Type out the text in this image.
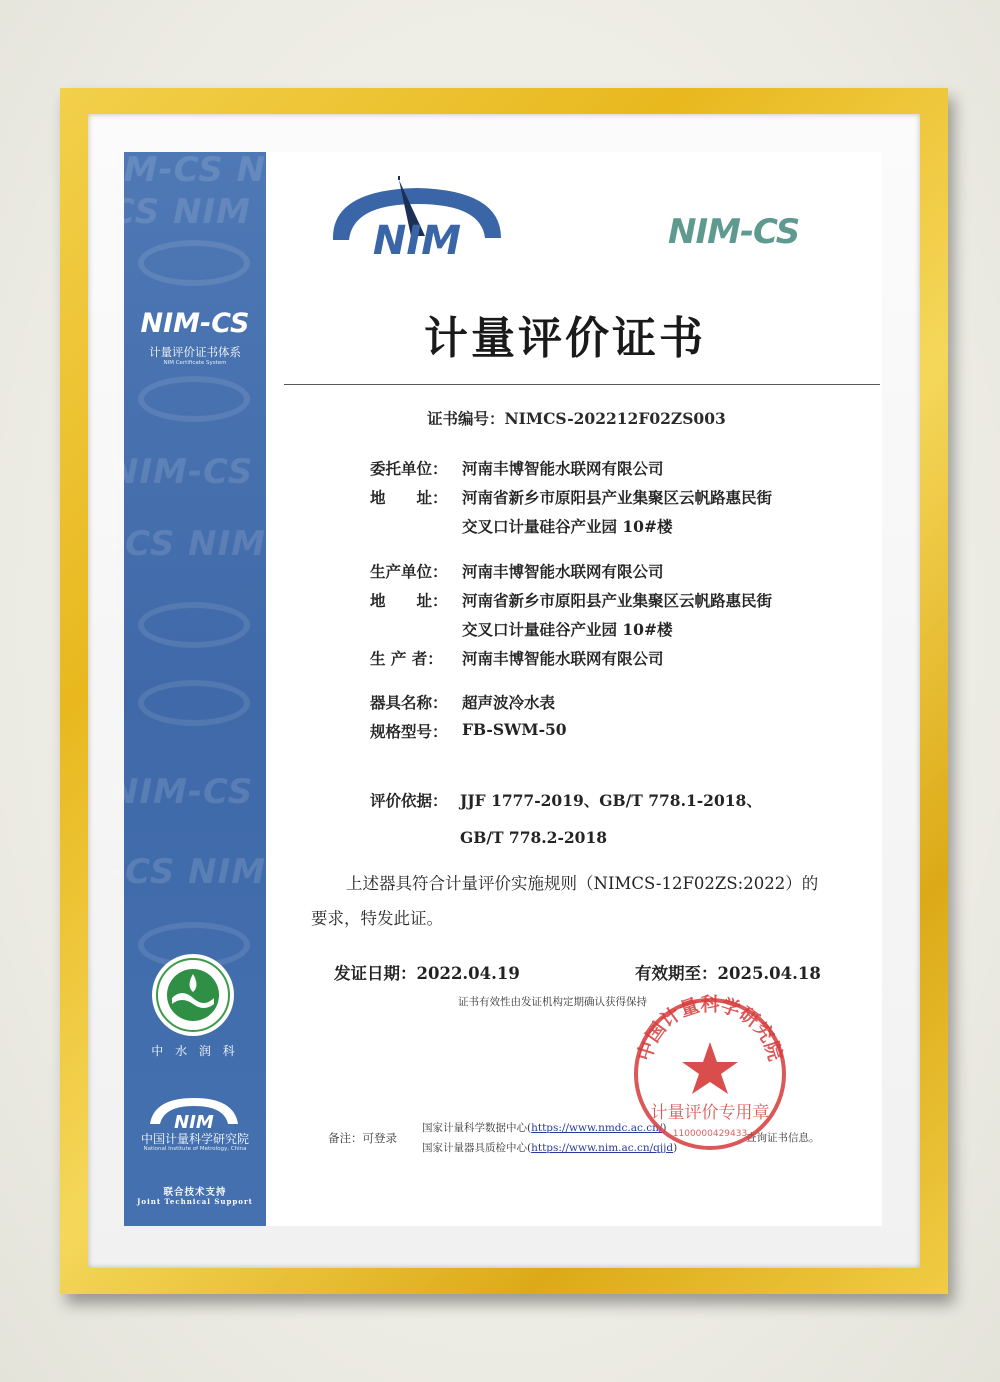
IM-CS NIM
CS NIM
NIM-CS
-CS NIM
NIM-CS
-CS NIM
NIM-CS
计量评价证书体系
NIM Certificate System
中 水 润 科
NIM
中国计量科学研究院
National Institute of Metrology, China
联合技术支持
Joint Technical Support
NIM	NIM-CS
计量评价证书
证书编号：NIMCS-202212F02ZS003
委托单位： 河南丰博智能水联网有限公司
地　　址： 河南省新乡市原阳县产业集聚区云帆路惠民街
交叉口计量硅谷产业园 10#楼
生产单位： 河南丰博智能水联网有限公司
地　　址： 河南省新乡市原阳县产业集聚区云帆路惠民街
交叉口计量硅谷产业园 10#楼
生 产 者： 河南丰博智能水联网有限公司
器具名称： 超声波冷水表
规格型号： FB-SWM-50
评价依据： JJF 1777-2019、GB/T 778.1-2018、
GB/T 778.2-2018
上述器具符合计量评价实施规则（NIMCS-12F02ZS:2022）的
要求，特发此证。
发证日期：2022.04.19	有效期至：2025.04.18
证书有效性由发证机构定期确认获得保持
备注：可登录
国家计量科学数据中心(https://www.nmdc.ac.cn/)
国家计量器具质检中心(https://www.nim.ac.cn/qjjd)
查询证书信息。
中国计量科学研究院
计量评价专用章
1100000429433
